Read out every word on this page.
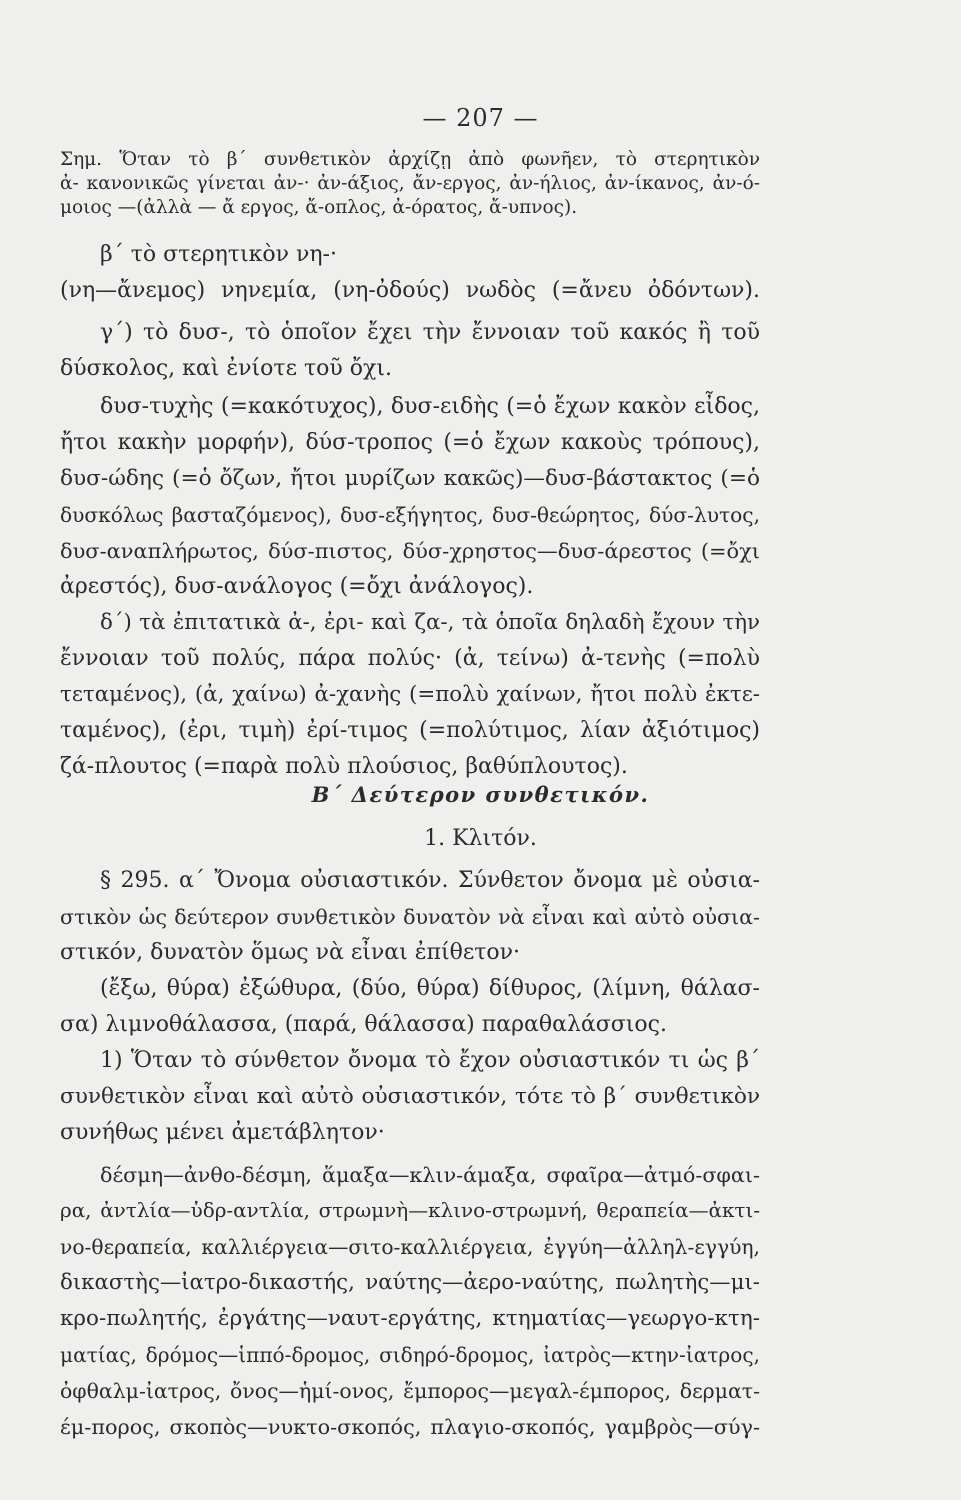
— 207 —
Σημ. Ὅταν τὸ β΄ συνθετικὸν ἀρχίζῃ ἀπὸ φωνῆεν, τὸ στερητικὸν
ἀ- κανονικῶς γίνεται ἀν-· ἀν-άξιος, ἄν-εργος, ἀν-ήλιος, ἀν-ίκανος, ἀν-ό-
μοιος —(ἀλλὰ — ἄ εργος, ἄ-οπλος, ἀ-όρατος, ἄ-υπνος).
β΄ τὸ στερητικὸν νη-·
(νη—ἄνεμος) νηνεμία, (νη-ὀδούς) νωδὸς (=ἄνευ ὀδόντων).
γ΄) τὸ δυσ-, τὸ ὁποῖον ἔχει τὴν ἔννοιαν τοῦ κακός ἢ τοῦ
δύσκολος, καὶ ἐνίοτε τοῦ ὄχι.
δυσ-τυχὴς (=κακότυχος), δυσ-ειδὴς (=ὁ ἔχων κακὸν εἶδος,
ἤτοι κακὴν μορφήν), δύσ-τροπος (=ὁ ἔχων κακοὺς τρόπους),
δυσ-ώδης (=ὁ ὄζων, ἤτοι μυρίζων κακῶς)—δυσ-βάστακτος (=ὁ
δυσκόλως βασταζόμενος), δυσ-εξήγητος, δυσ-θεώρητος, δύσ-λυτος,
δυσ-αναπλήρωτος, δύσ-πιστος, δύσ-χρηστος—δυσ-άρεστος (=ὄχι
ἀρεστός), δυσ-ανάλογος (=ὄχι ἀνάλογος).
δ΄) τὰ ἐπιτατικὰ ἀ-, ἐρι- καὶ ζα-, τὰ ὁποῖα δηλαδὴ ἔχουν τὴν
ἔννοιαν τοῦ πολύς, πάρα πολύς· (ἀ, τείνω) ἀ-τενὴς (=πολὺ
τεταμένος), (ἀ, χαίνω) ἀ-χανὴς (=πολὺ χαίνων, ἤτοι πολὺ ἐκτε-
ταμένος), (ἐρι, τιμὴ) ἐρί-τιμος (=πολύτιμος, λίαν ἀξιότιμος)
Β΄ Δεύτερον συνθετικόν.
1. Κλιτόν.
ζά-πλουτος (=παρὰ πολὺ πλούσιος, βαθύπλουτος).
§ 295. α΄ Ὄνομα οὐσιαστικόν. Σύνθετον ὄνομα μὲ οὐσια-
στικὸν ὡς δεύτερον συνθετικὸν δυνατὸν νὰ εἶναι καὶ αὐτὸ οὐσια-
στικόν, δυνατὸν ὅμως νὰ εἶναι ἐπίθετον·
(ἔξω, θύρα) ἐξώθυρα, (δύο, θύρα) δίθυρος, (λίμνη, θάλασ-
σα) λιμνοθάλασσα, (παρά, θάλασσα) παραθαλάσσιος.
1) Ὅταν τὸ σύνθετον ὄνομα τὸ ἔχον οὐσιαστικόν τι ὡς β΄
συνθετικὸν εἶναι καὶ αὐτὸ οὐσιαστικόν, τότε τὸ β΄ συνθετικὸν
συνήθως μένει ἀμετάβλητον·
δέσμη—ἀνθο-δέσμη, ἅμαξα—κλιν-άμαξα, σφαῖρα—ἀτμό-σφαι-
ρα, ἀντλία—ὑδρ-αντλία, στρωμνὴ—κλινο-στρωμνή, θεραπεία—ἀκτι-
νο-θεραπεία, καλλιέργεια—σιτο-καλλιέργεια, ἐγγύη—ἀλληλ-εγγύη,
δικαστὴς—ἰατρο-δικαστής, ναύτης—ἀερο-ναύτης, πωλητὴς—μι-
κρο-πωλητής, ἐργάτης—ναυτ-εργάτης, κτηματίας—γεωργο-κτη-
ματίας, δρόμος—ἱππό-δρομος, σιδηρό-δρομος, ἰατρὸς—κτην-ἰατρος,
ὀφθαλμ-ἰατρος, ὄνος—ἡμί-ονος, ἔμπορος—μεγαλ-έμπορος, δερματ-
έμ-πορος, σκοπὸς—νυκτο-σκοπός, πλαγιο-σκοπός, γαμβρὸς—σύγ-
